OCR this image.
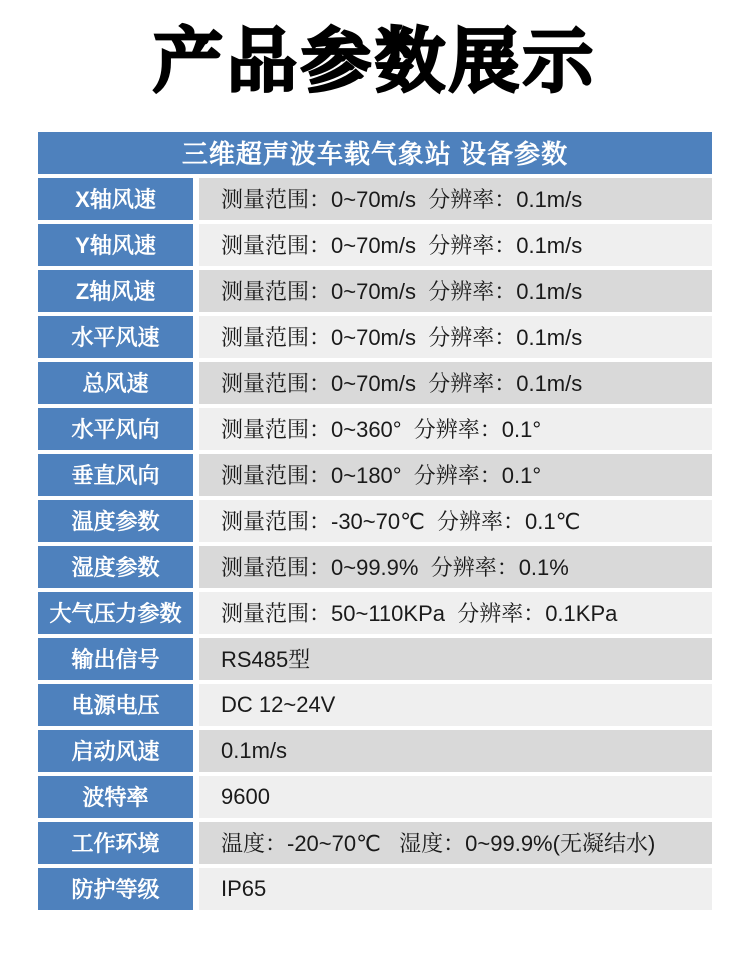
产品参数展示
三维超声波车载气象站 设备参数
X轴风速	测量范围：0~70m/s  分辨率：0.1m/s
Y轴风速	测量范围：0~70m/s  分辨率：0.1m/s
Z轴风速	测量范围：0~70m/s  分辨率：0.1m/s
水平风速	测量范围：0~70m/s  分辨率：0.1m/s
总风速	测量范围：0~70m/s  分辨率：0.1m/s
水平风向	测量范围：0~360°  分辨率：0.1°
垂直风向	测量范围：0~180°  分辨率：0.1°
温度参数	测量范围：-30~70℃  分辨率：0.1℃
湿度参数	测量范围：0~99.9%  分辨率：0.1%
大气压力参数	测量范围：50~110KPa  分辨率：0.1KPa
输出信号	RS485型
电源电压	DC 12~24V
启动风速	0.1m/s
波特率	9600
工作环境	温度：-20~70℃   湿度：0~99.9%(无凝结水)
防护等级	IP65
